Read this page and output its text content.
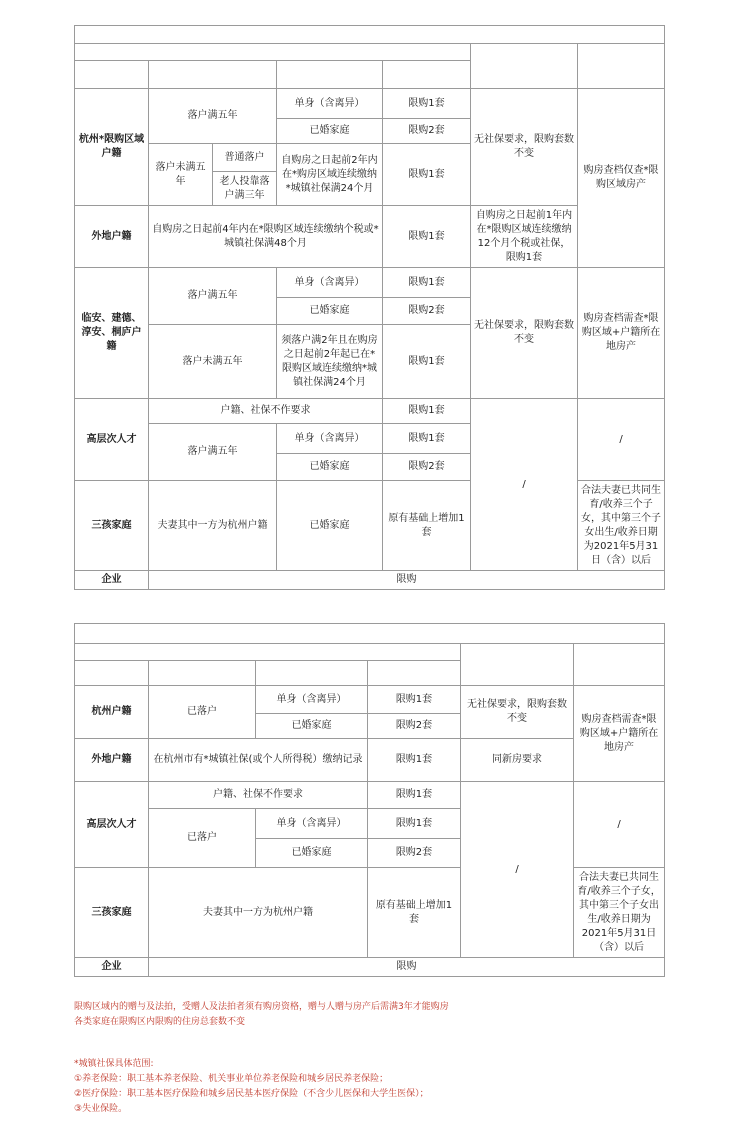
杭州*限购区现行限购政策						
购买新房					购买二手房	备注
类别	落户情况		购房者条件	购房资格		
杭州*限购区域户籍	落户满五年		单身（含离异）	限购1套	无社保要求，限购套数不变	购房查档仅查*限购区域房产
			已婚家庭	限购2套		
	落户未满五年	普通落户	自购房之日起前2年内在*购房区域连续缴纳*城镇社保满24个月	限购1套		
		老人投靠落户满三年				
外地户籍	自购房之日起前4年内在*限购区域连续缴纳个税或*城镇社保满48个月			限购1套	自购房之日起前1年内在*限购区域连续缴纳12个月个税或社保，限购1套	
临安、建德、淳安、桐庐户籍	落户满五年		单身（含离异）	限购1套	无社保要求，限购套数不变	购房查档需查*限购区域+户籍所在地房产
			已婚家庭	限购2套		
	落户未满五年		须落户满2年且在购房之日起前2年起已在*限购区域连续缴纳*城镇社保满24个月	限购1套		
高层次人才	户籍、社保不作要求			限购1套	/	/
	落户满五年		单身（含离异）	限购1套		
			已婚家庭	限购2套		
三孩家庭	夫妻其中一方为杭州户籍		已婚家庭	原有基础上增加1套		合法夫妻已共同生育/收养三个子女，其中第三个子女出生/收养日期为2021年5月31日（含）以后
企业	限购					
*差异化限购区现行限购政策					
购买新房				购买二手房	备注
类别	落户情况	购房者条件	购房资格		
杭州户籍	已落户	单身（含离异）	限购1套	无社保要求，限购套数不变	购房查档需查*限购区域+户籍所在地房产
		已婚家庭	限购2套		
外地户籍	在杭州市有*城镇社保(或个人所得税）缴纳记录		限购1套	同新房要求	
高层次人才	户籍、社保不作要求		限购1套	/	/
	已落户	单身（含离异）	限购1套		
		已婚家庭	限购2套		
三孩家庭	夫妻其中一方为杭州户籍		原有基础上增加1套		合法夫妻已共同生育/收养三个子女，其中第三个子女出生/收养日期为2021年5月31日（含）以后
企业	限购				
限购区域内的赠与及法拍，受赠人及法拍者须有购房资格，赠与人赠与房产后需满3年才能购房
各类家庭在限购区内限购的住房总套数不变
*城镇社保具体范围:
①养老保险：职工基本养老保险、机关事业单位养老保险和城乡居民养老保险；
②医疗保险：职工基本医疗保险和城乡居民基本医疗保险（不含少儿医保和大学生医保）；
③失业保险。
